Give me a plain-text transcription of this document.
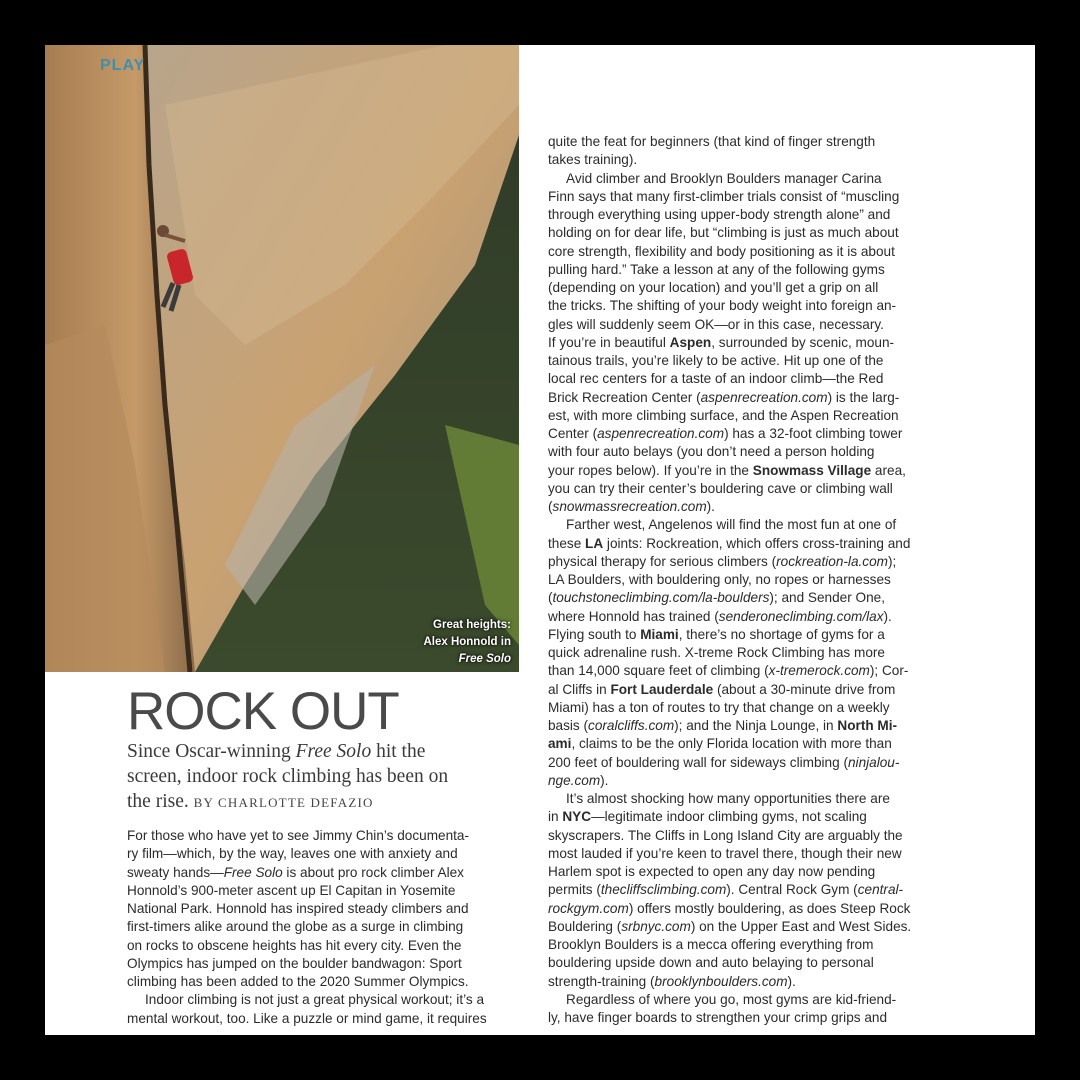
PLAY
Great heights:
Alex Honnold in
Free Solo
ROCK OUT
Since Oscar-winning Free Solo hit the
screen, indoor rock climbing has been on
the rise. BY CHARLOTTE DEFAZIO
For those who have yet to see Jimmy Chin’s documenta-
ry film—which, by the way, leaves one with anxiety and
sweaty hands—Free Solo is about pro rock climber Alex
Honnold’s 900-meter ascent up El Capitan in Yosemite
National Park. Honnold has inspired steady climbers and
first-timers alike around the globe as a surge in climbing
on rocks to obscene heights has hit every city. Even the
Olympics has jumped on the boulder bandwagon: Sport
climbing has been added to the 2020 Summer Olympics.
Indoor climbing is not just a great physical workout; it’s a
mental workout, too. Like a puzzle or mind game, it requires
quite the feat for beginners (that kind of finger strength
takes training).
Avid climber and Brooklyn Boulders manager Carina
Finn says that many first-climber trials consist of “muscling
through everything using upper-body strength alone” and
holding on for dear life, but “climbing is just as much about
core strength, flexibility and body positioning as it is about
pulling hard.” Take a lesson at any of the following gyms
(depending on your location) and you’ll get a grip on all
the tricks. The shifting of your body weight into foreign an-
gles will suddenly seem OK—or in this case, necessary.
If you’re in beautiful Aspen, surrounded by scenic, moun-
tainous trails, you’re likely to be active. Hit up one of the
local rec centers for a taste of an indoor climb—the Red
Brick Recreation Center (aspenrecreation.com) is the larg-
est, with more climbing surface, and the Aspen Recreation
Center (aspenrecreation.com) has a 32-foot climbing tower
with four auto belays (you don’t need a person holding
your ropes below). If you’re in the Snowmass Village area,
you can try their center’s bouldering cave or climbing wall
(snowmassrecreation.com).
Farther west, Angelenos will find the most fun at one of
these LA joints: Rockreation, which offers cross-training and
physical therapy for serious climbers (rockreation-la.com);
LA Boulders, with bouldering only, no ropes or harnesses
(touchstoneclimbing.com/la-boulders); and Sender One,
where Honnold has trained (senderoneclimbing.com/lax).
Flying south to Miami, there’s no shortage of gyms for a
quick adrenaline rush. X-treme Rock Climbing has more
than 14,000 square feet of climbing (x-tremerock.com); Cor-
al Cliffs in Fort Lauderdale (about a 30-minute drive from
Miami) has a ton of routes to try that change on a weekly
basis (coralcliffs.com); and the Ninja Lounge, in North Mi-
ami, claims to be the only Florida location with more than
200 feet of bouldering wall for sideways climbing (ninjalou-
nge.com).
It’s almost shocking how many opportunities there are
in NYC—legitimate indoor climbing gyms, not scaling
skyscrapers. The Cliffs in Long Island City are arguably the
most lauded if you’re keen to travel there, though their new
Harlem spot is expected to open any day now pending
permits (thecliffsclimbing.com). Central Rock Gym (central-
rockgym.com) offers mostly bouldering, as does Steep Rock
Bouldering (srbnyc.com) on the Upper East and West Sides.
Brooklyn Boulders is a mecca offering everything from
bouldering upside down and auto belaying to personal
strength-training (brooklynboulders.com).
Regardless of where you go, most gyms are kid-friend-
ly, have finger boards to strengthen your crimp grips and
